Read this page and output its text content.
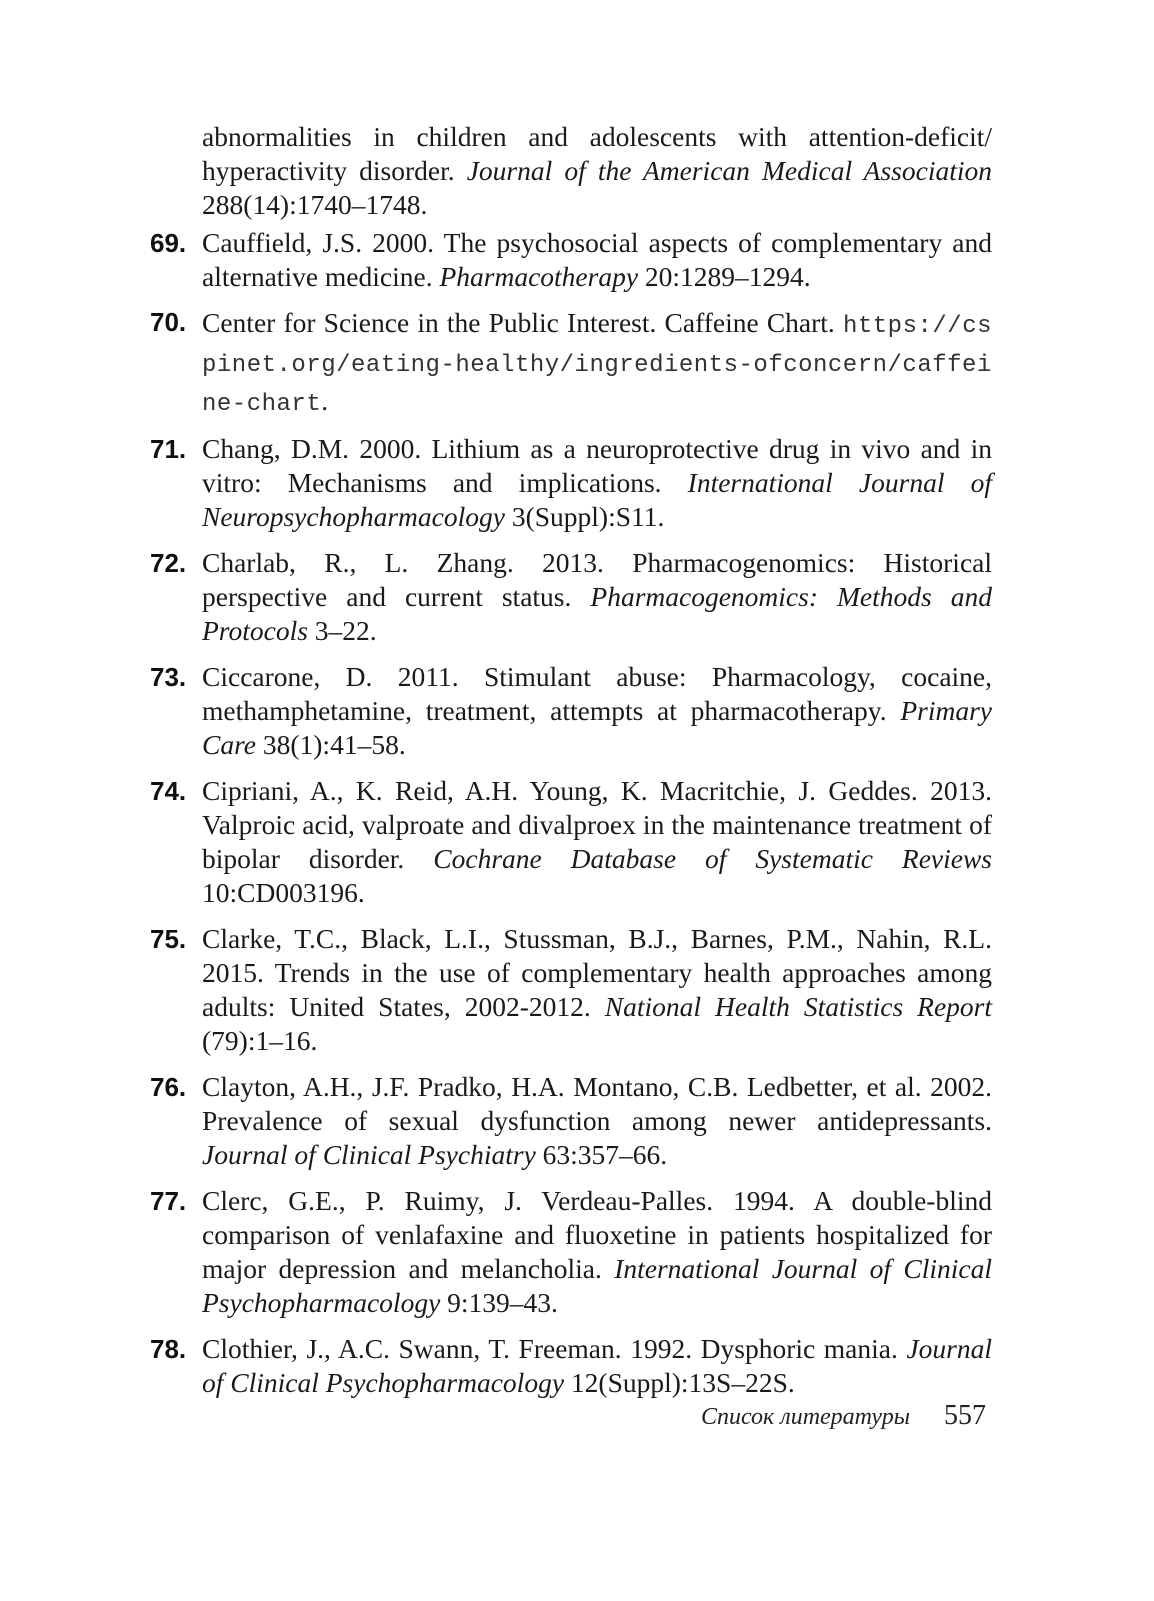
abnormalities in children and adolescents with attention-deficit/ hyperactivity disorder. Journal of the American Medical Association 288(14):1740–1748.
69. Cauffield, J.S. 2000. The psychosocial aspects of complementary and alternative medicine. Pharmacotherapy 20:1289–1294.
70. Center for Science in the Public Interest. Caffeine Chart. https://cspinet.org/eating-healthy/ingredients-ofconcern/caffeine-chart.
71. Chang, D.M. 2000. Lithium as a neuroprotective drug in vivo and in vitro: Mechanisms and implications. International Journal of Neuropsychopharmacology 3(Suppl):S11.
72. Charlab, R., L. Zhang. 2013. Pharmacogenomics: Historical perspective and current status. Pharmacogenomics: Methods and Protocols 3–22.
73. Ciccarone, D. 2011. Stimulant abuse: Pharmacology, cocaine, methamphetamine, treatment, attempts at pharmacotherapy. Primary Care 38(1):41–58.
74. Cipriani, A., K. Reid, A.H. Young, K. Macritchie, J. Geddes. 2013. Valproic acid, valproate and divalproex in the maintenance treatment of bipolar disorder. Cochrane Database of Systematic Reviews 10:CD003196.
75. Clarke, T.C., Black, L.I., Stussman, B.J., Barnes, P.M., Nahin, R.L. 2015. Trends in the use of complementary health approaches among adults: United States, 2002-2012. National Health Statistics Report (79):1–16.
76. Clayton, A.H., J.F. Pradko, H.A. Montano, C.B. Ledbetter, et al. 2002. Prevalence of sexual dysfunction among newer antidepressants. Journal of Clinical Psychiatry 63:357–66.
77. Clerc, G.E., P. Ruimy, J. Verdeau-Palles. 1994. A double-blind comparison of venlafaxine and fluoxetine in patients hospitalized for major depression and melancholia. International Journal of Clinical Psychopharmacology 9:139–43.
78. Clothier, J., A.C. Swann, T. Freeman. 1992. Dysphoric mania. Journal of Clinical Psychopharmacology 12(Suppl):13S–22S.
Список литературы 557
